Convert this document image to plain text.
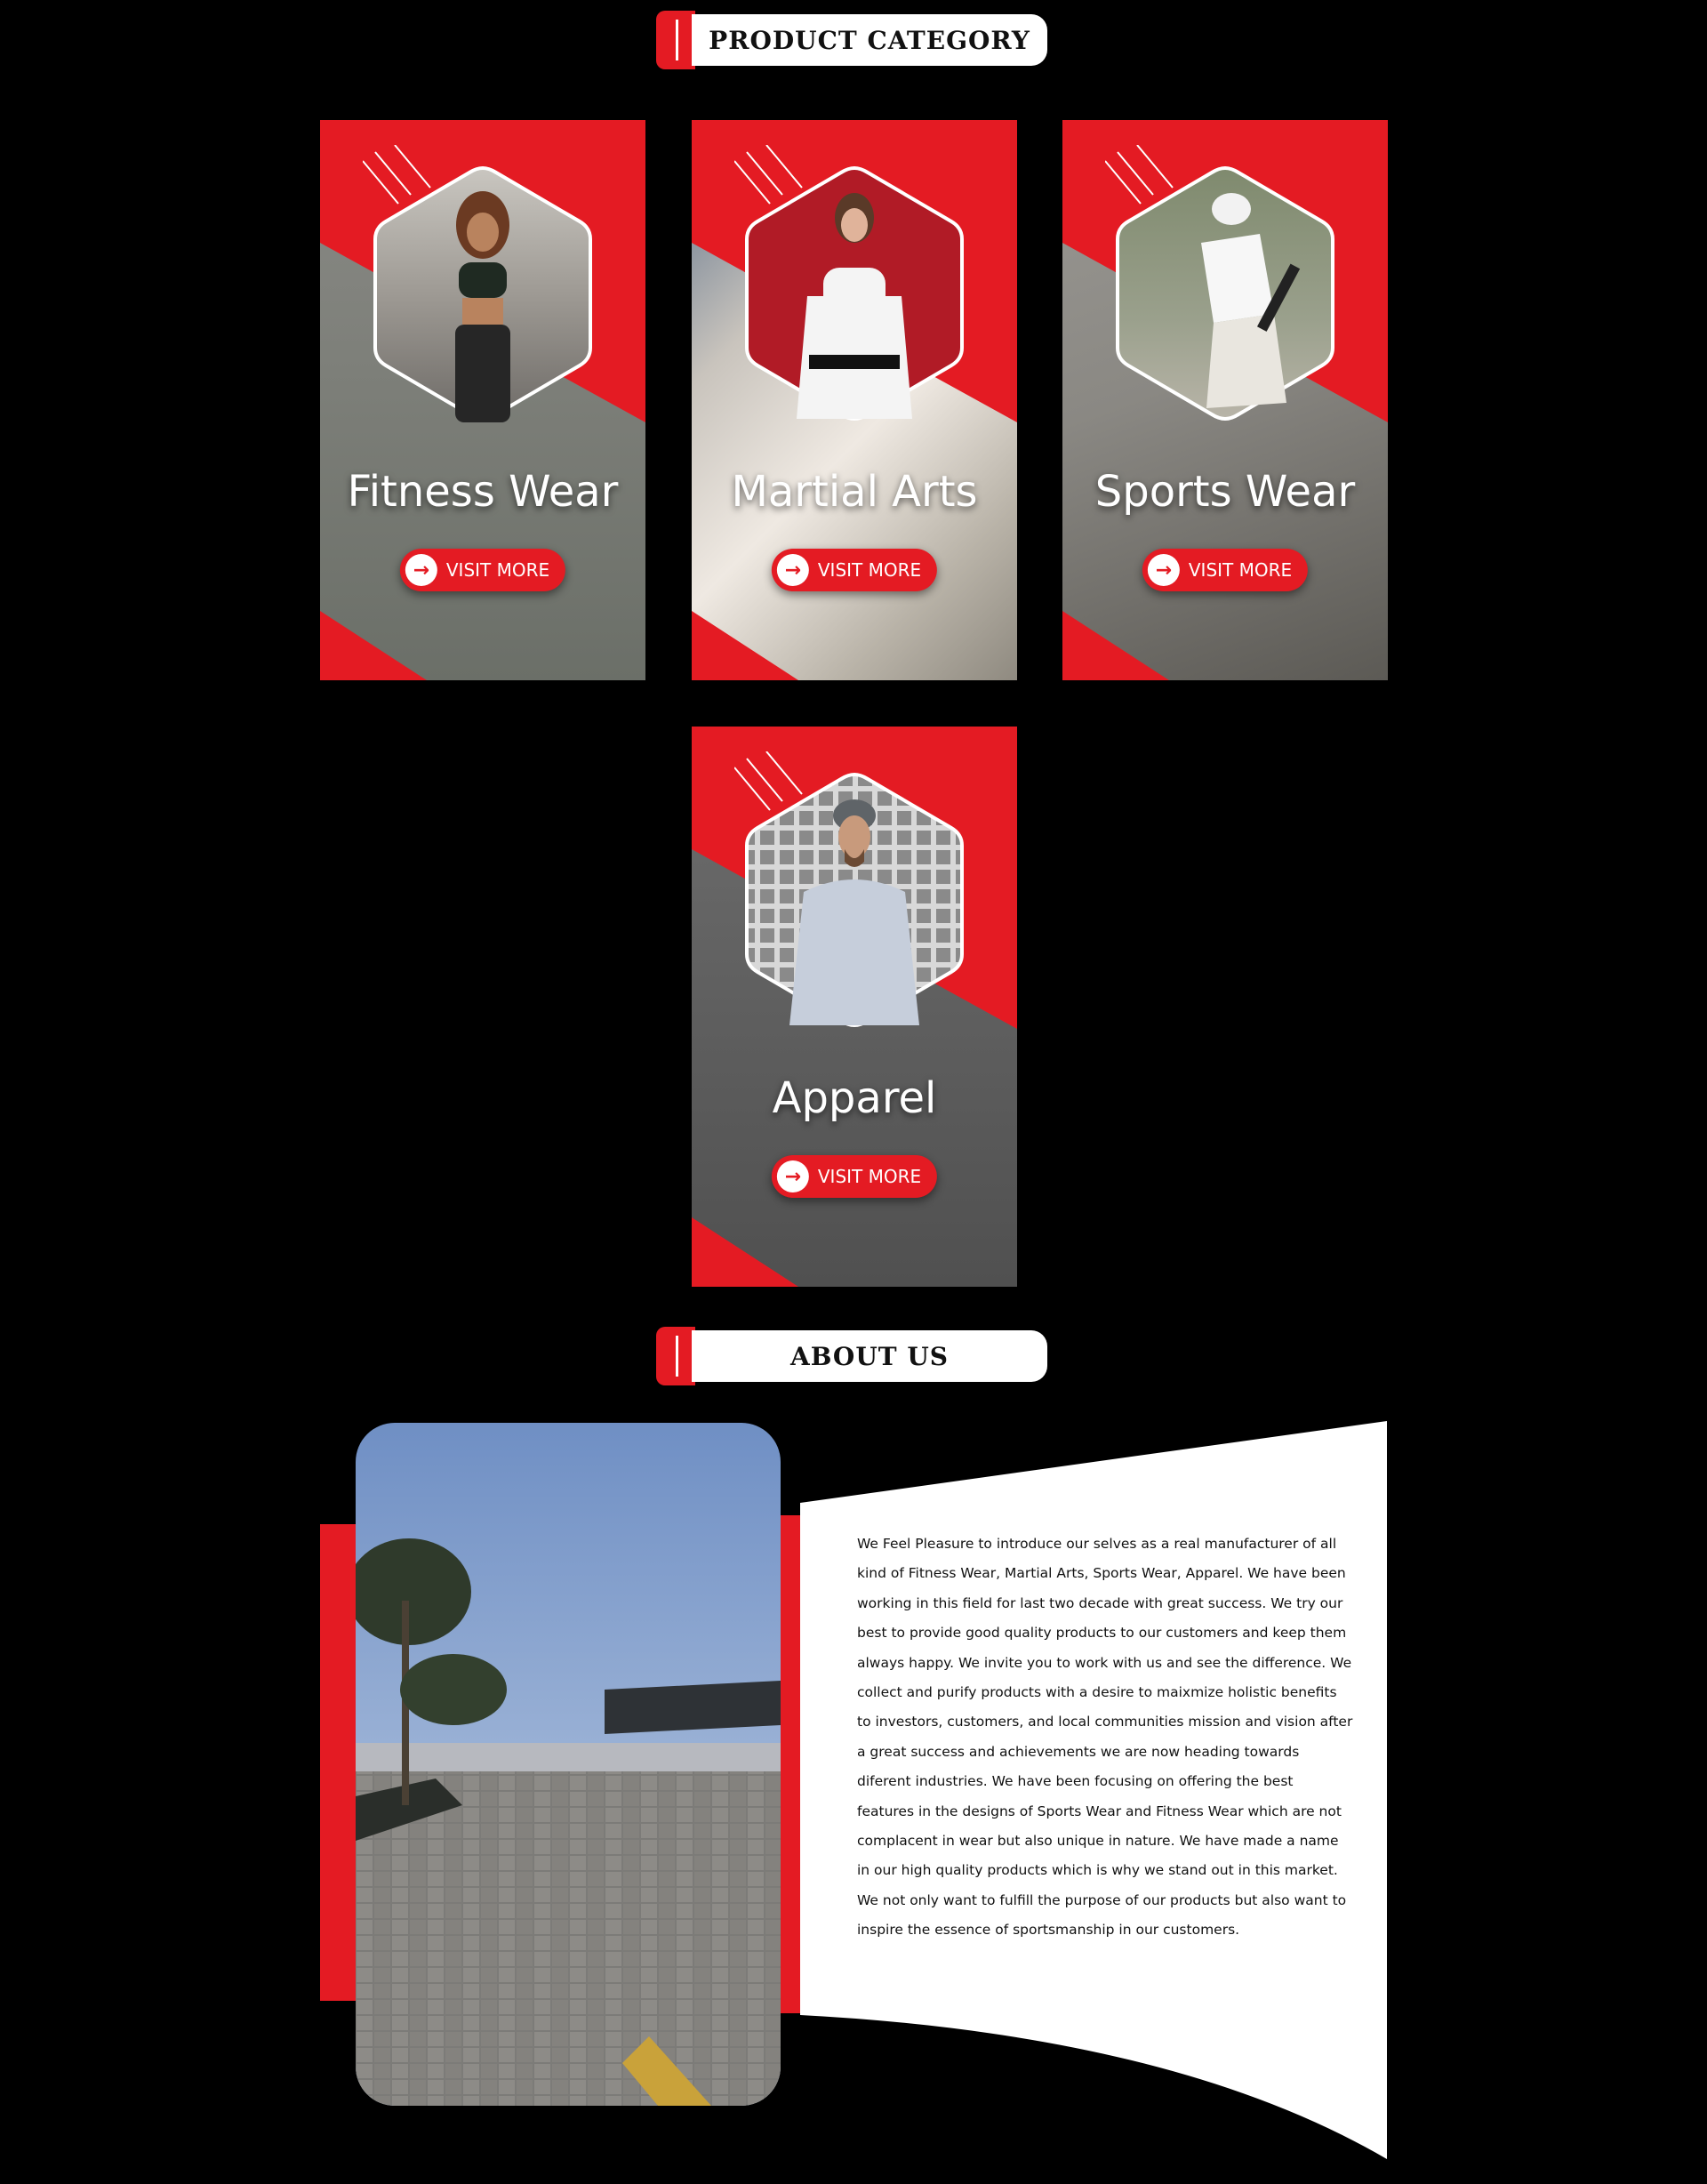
PRODUCT CATEGORY
Fitness Wear
→ VISIT MORE
Martial Arts
→ VISIT MORE
Sports Wear
→ VISIT MORE
Apparel
→ VISIT MORE
ABOUT US
We Feel Pleasure to introduce our selves as a real manufacturer of all kind of Fitness Wear, Martial Arts, Sports Wear, Apparel. We have been working in this field for last two decade with great success. We try our best to provide good quality products to our customers and keep them always happy. We invite you to work with us and see the difference. We collect and purify products with a desire to maixmize holistic benefits to investors, customers, and local communities mission and vision after a great success and achievements we are now heading towards diferent industries. We have been focusing on offering the best features in the designs of Sports Wear and Fitness Wear which are not complacent in wear but also unique in nature. We have made a name in our high quality products which is why we stand out in this market. We not only want to fulfill the purpose of our products but also want to inspire the essence of sportsmanship in our customers.
